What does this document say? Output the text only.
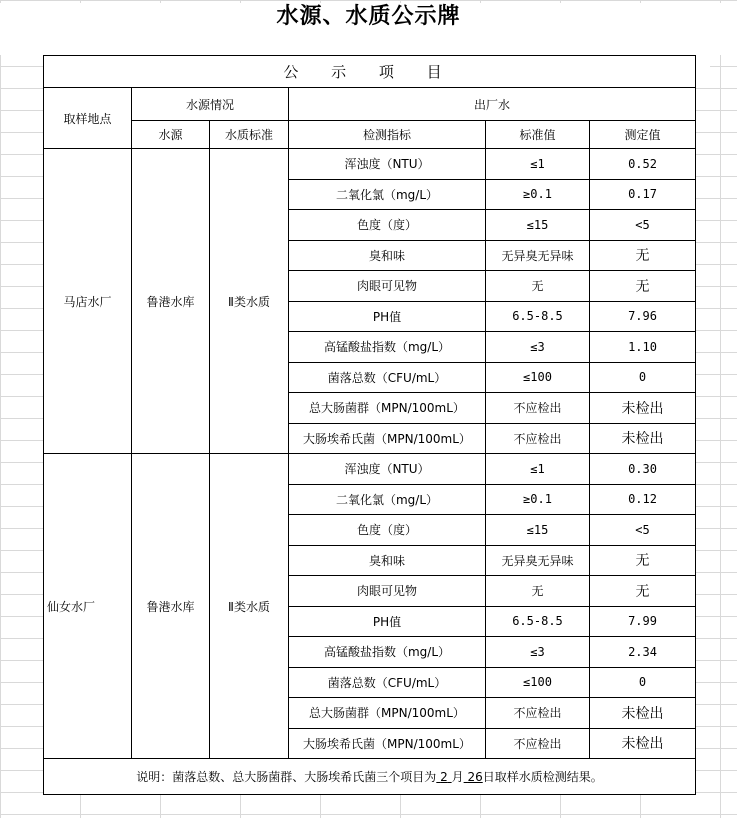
水源、水质公示牌
公 示 项 目					
取样地点	水源情况		出厂水		
	水源	水质标准	检测指标	标准值	测定值
马店水厂	鲁港水库	Ⅱ类水质	浑浊度（NTU）	≤1	0.52
			二氧化氯（mg/L）	≥0.1	0.17
			色度（度）	≤15	<5
			臭和味	无异臭无异味	无
			肉眼可见物	无	无
			PH值	6.5-8.5	7.96
			高锰酸盐指数（mg/L）	≤3	1.10
			菌落总数（CFU/mL）	≤100	0
			总大肠菌群（MPN/100mL）	不应检出	未检出
			大肠埃希氏菌（MPN/100mL）	不应检出	未检出
仙女水厂	鲁港水库	Ⅱ类水质	浑浊度（NTU）	≤1	0.30
			二氧化氯（mg/L）	≥0.1	0.12
			色度（度）	≤15	<5
			臭和味	无异臭无异味	无
			肉眼可见物	无	无
			PH值	6.5-8.5	7.99
			高锰酸盐指数（mg/L）	≤3	2.34
			菌落总数（CFU/mL）	≤100	0
			总大肠菌群（MPN/100mL）	不应检出	未检出
			大肠埃希氏菌（MPN/100mL）	不应检出	未检出
说明：菌落总数、总大肠菌群、大肠埃希氏菌三个项目为 2 月 26日取样水质检测结果。					
